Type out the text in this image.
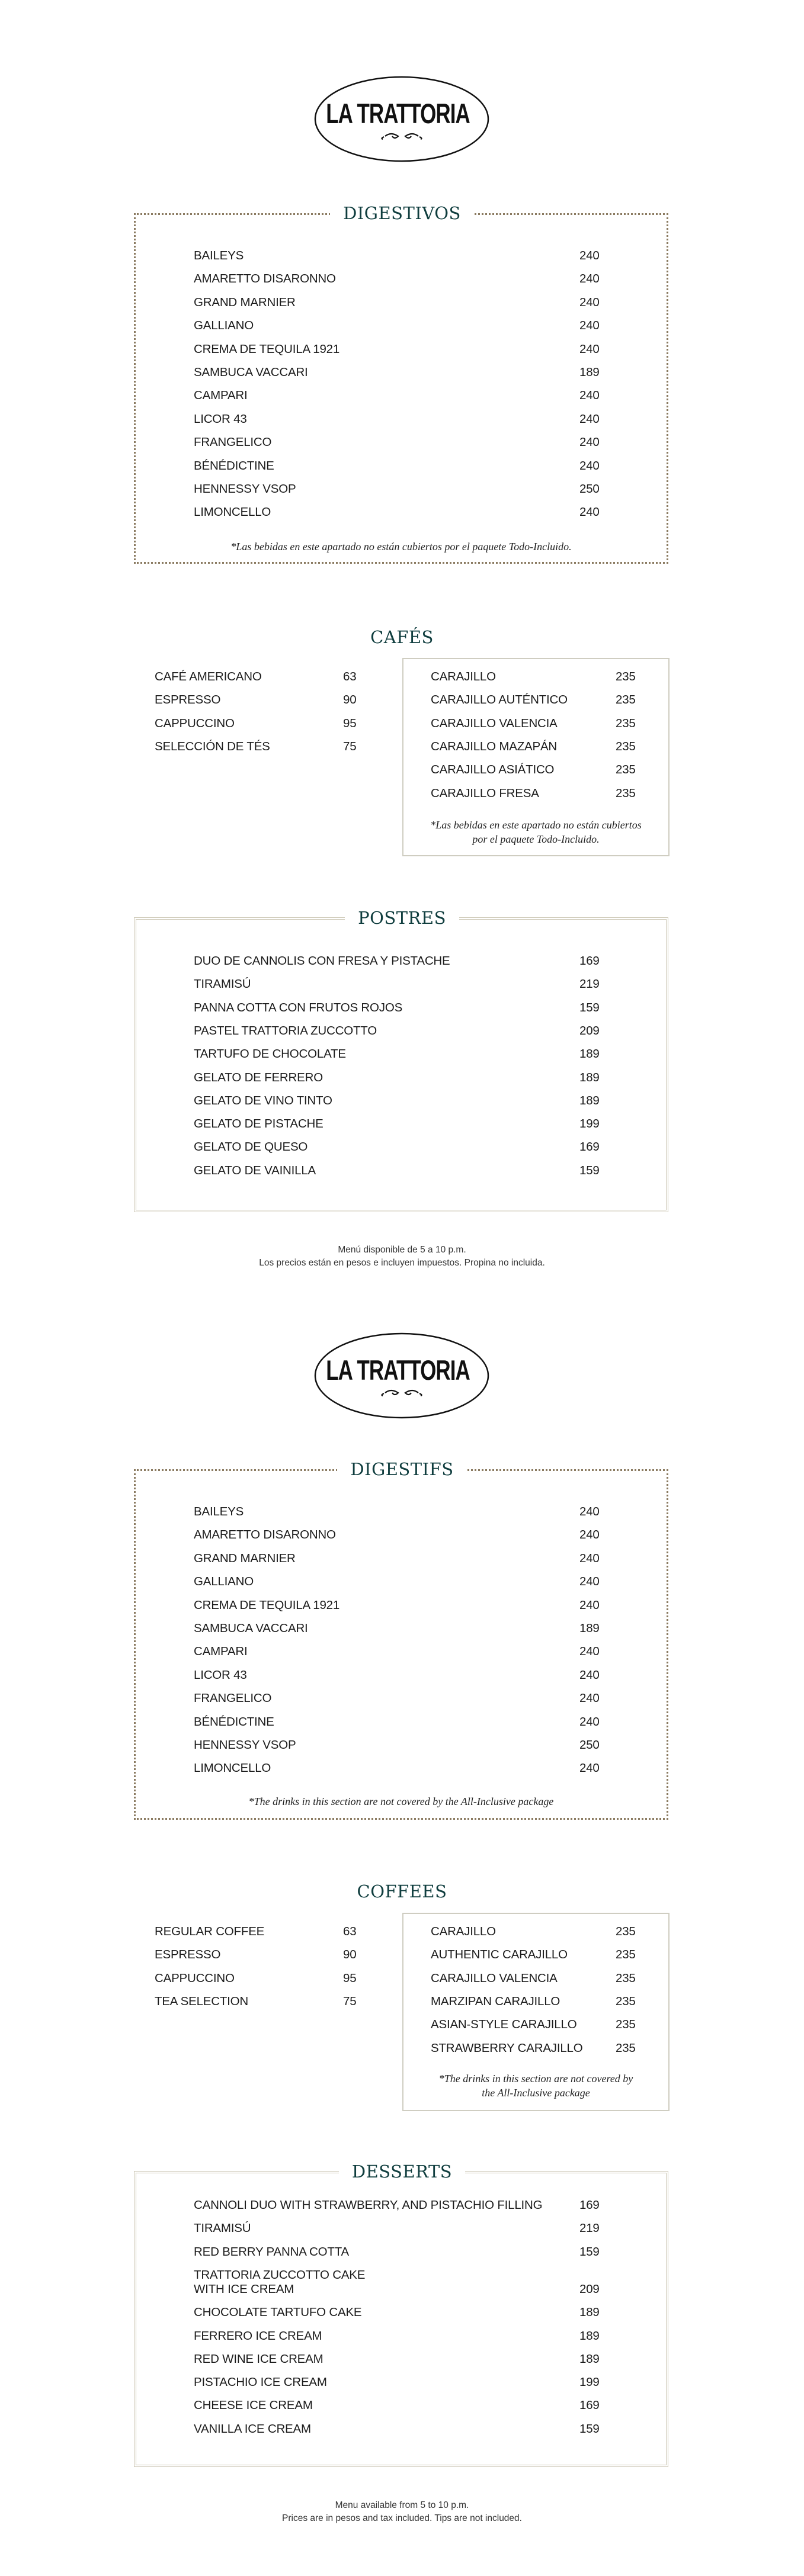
LA TRATTORIA
DIGESTIVOS
BAILEYS	240
AMARETTO DISARONNO	240
GRAND MARNIER	240
GALLIANO	240
CREMA DE TEQUILA 1921	240
SAMBUCA VACCARI	189
CAMPARI	240
LICOR 43	240
FRANGELICO	240
BÉNÉDICTINE	240
HENNESSY VSOP	250
LIMONCELLO	240
*Las bebidas en este apartado no están cubiertos por el paquete Todo-Incluido.
CAFÉS
CAFÉ AMERICANO	63
ESPRESSO	90
CAPPUCCINO	95
SELECCIÓN DE TÉS	75
CARAJILLO	235
CARAJILLO AUTÉNTICO	235
CARAJILLO VALENCIA	235
CARAJILLO MAZAPÁN	235
CARAJILLO ASIÁTICO	235
CARAJILLO FRESA	235
*Las bebidas en este apartado no están cubiertos
por el paquete Todo-Incluido.
POSTRES
DUO DE CANNOLIS CON FRESA Y PISTACHE	169
TIRAMISÚ	219
PANNA COTTA CON FRUTOS ROJOS	159
PASTEL TRATTORIA ZUCCOTTO	209
TARTUFO DE CHOCOLATE	189
GELATO DE FERRERO	189
GELATO DE VINO TINTO	189
GELATO DE PISTACHE	199
GELATO DE QUESO	169
GELATO DE VAINILLA	159
Menú disponible de 5 a 10 p.m.
Los precios están en pesos e incluyen impuestos. Propina no incluida.
LA TRATTORIA
DIGESTIFS
BAILEYS	240
AMARETTO DISARONNO	240
GRAND MARNIER	240
GALLIANO	240
CREMA DE TEQUILA 1921	240
SAMBUCA VACCARI	189
CAMPARI	240
LICOR 43	240
FRANGELICO	240
BÉNÉDICTINE	240
HENNESSY VSOP	250
LIMONCELLO	240
*The drinks in this section are not covered by the All-Inclusive package
COFFEES
REGULAR COFFEE	63
ESPRESSO	90
CAPPUCCINO	95
TEA SELECTION	75
CARAJILLO	235
AUTHENTIC CARAJILLO	235
CARAJILLO VALENCIA	235
MARZIPAN CARAJILLO	235
ASIAN-STYLE CARAJILLO	235
STRAWBERRY CARAJILLO	235
*The drinks in this section are not covered by
the All-Inclusive package
DESSERTS
CANNOLI DUO WITH STRAWBERRY, AND PISTACHIO FILLING	169
TIRAMISÚ	219
RED BERRY PANNA COTTA	159
TRATTORIA ZUCCOTTO CAKE
WITH ICE CREAM	209
CHOCOLATE TARTUFO CAKE	189
FERRERO ICE CREAM	189
RED WINE ICE CREAM	189
PISTACHIO ICE CREAM	199
CHEESE ICE CREAM	169
VANILLA ICE CREAM	159
Menu available from 5 to 10 p.m.
Prices are in pesos and tax included. Tips are not included.
